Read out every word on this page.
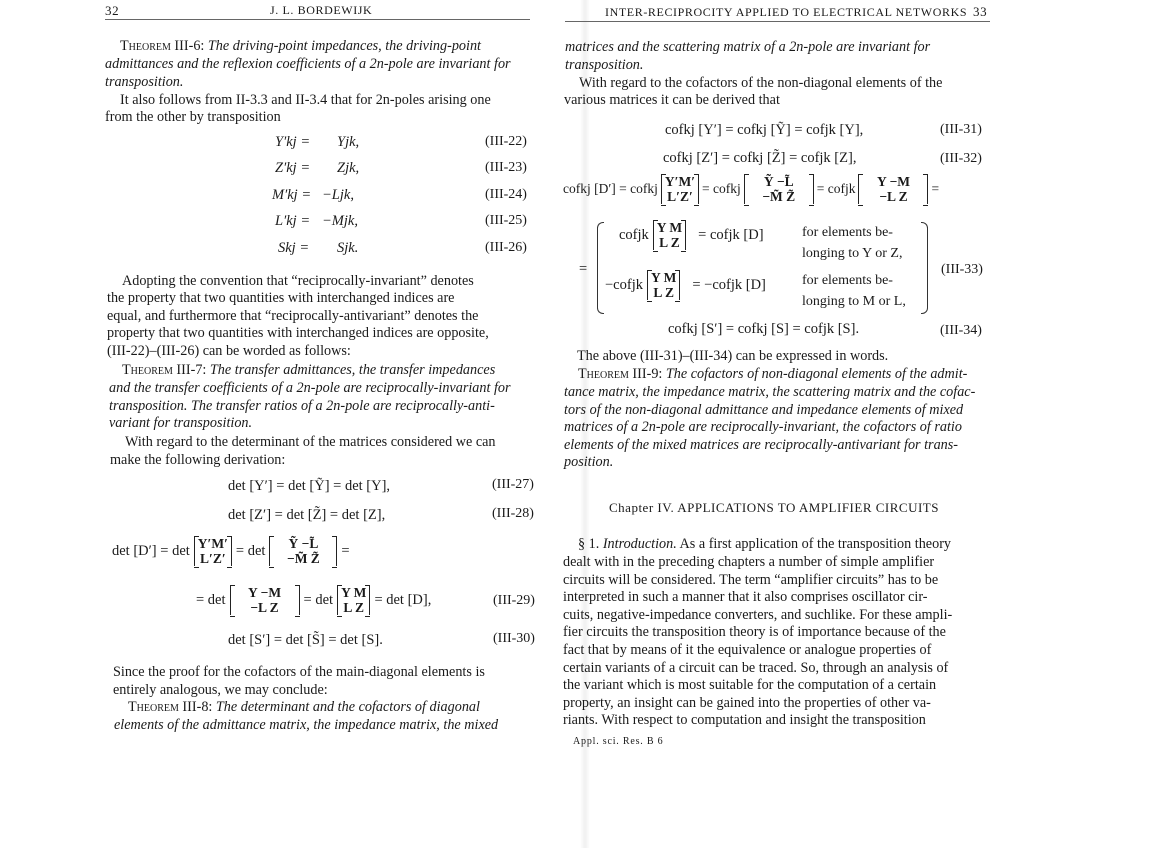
32	J. L. BORDEWIJK
Theorem III-6: The driving-point impedances, the driving-point
admittances and the reflexion coefficients of a 2n-pole are invariant for
transposition.
It also follows from II-3.3 and II-3.4 that for 2n-poles arising one
from the other by transposition
Y′kj = Yjk,	(III-22)
Z′kj = Zjk,	(III-23)
M′kj = −Ljk,	(III-24)
L′kj = −Mjk,	(III-25)
Skj = Sjk.	(III-26)
Adopting the convention that “reciprocally-invariant” denotes
the property that two quantities with interchanged indices are
equal, and furthermore that “reciprocally-antivariant” denotes the
property that two quantities with interchanged indices are opposite,
(III-22)–(III-26) can be worded as follows:
Theorem III-7: The transfer admittances, the transfer impedances
and the transfer coefficients of a 2n-pole are reciprocally-invariant for
transposition. The transfer ratios of a 2n-pole are reciprocally-anti-
variant for transposition.
With regard to the determinant of the matrices considered we can
make the following derivation:
det [Y′] = det [Ỹ] = det [Y],	(III-27)
det [Z′] = det [Z̃] = det [Z],	(III-28)
det [D′] = det Y′M′
L′Z′ = det	Ỹ −L̃
−M̃ Z̃	=
= det	Y −M
−L Z	= det Y M
L Z = det [D],	(III-29)
det [S′] = det [S̃] = det [S].	(III-30)
Since the proof for the cofactors of the main-diagonal elements is
entirely analogous, we may conclude:
Theorem III-8: The determinant and the cofactors of diagonal
elements of the admittance matrix, the impedance matrix, the mixed
INTER-RECIPROCITY APPLIED TO ELECTRICAL NETWORKS 33
matrices and the scattering matrix of a 2n-pole are invariant for
transposition.
With regard to the cofactors of the non-diagonal elements of the
various matrices it can be derived that
cofkj [Y′] = cofkj [Ỹ] = cofjk [Y],	(III-31)
cofkj [Z′] = cofkj [Z̃] = cofjk [Z],	(III-32)
cofkj [D′] = cofkj Y′M′
L′Z′
= cofkj	Ỹ −L̃
−M̃ Z̃
= cofjk	Y −M
−L Z
=
=
cofjk Y M
L Z = cofjk [D]	for elements be-
longing to Y or Z,
−cofjk Y M
L Z = −cofjk [D]	for elements be-
longing to M or L,
(III-33)
cofkj [S′] = cofkj [S] = cofjk [S].	(III-34)
The above (III-31)–(III-34) can be expressed in words.
Theorem III-9: The cofactors of non-diagonal elements of the admit-
tance matrix, the impedance matrix, the scattering matrix and the cofac-
tors of the non-diagonal admittance and impedance elements of mixed
matrices of a 2n-pole are reciprocally-invariant, the cofactors of ratio
elements of the mixed matrices are reciprocally-antivariant for trans-
position.
Chapter IV. APPLICATIONS TO AMPLIFIER CIRCUITS
§ 1. Introduction. As a first application of the transposition theory
dealt with in the preceding chapters a number of simple amplifier
circuits will be considered. The term “amplifier circuits” has to be
interpreted in such a manner that it also comprises oscillator cir-
cuits, negative-impedance converters, and suchlike. For these ampli-
fier circuits the transposition theory is of importance because of the
fact that by means of it the equivalence or analogue properties of
certain variants of a circuit can be traced. So, through an analysis of
the variant which is most suitable for the computation of a certain
property, an insight can be gained into the properties of other va-
riants. With respect to computation and insight the transposition
Appl. sci. Res. B 6
